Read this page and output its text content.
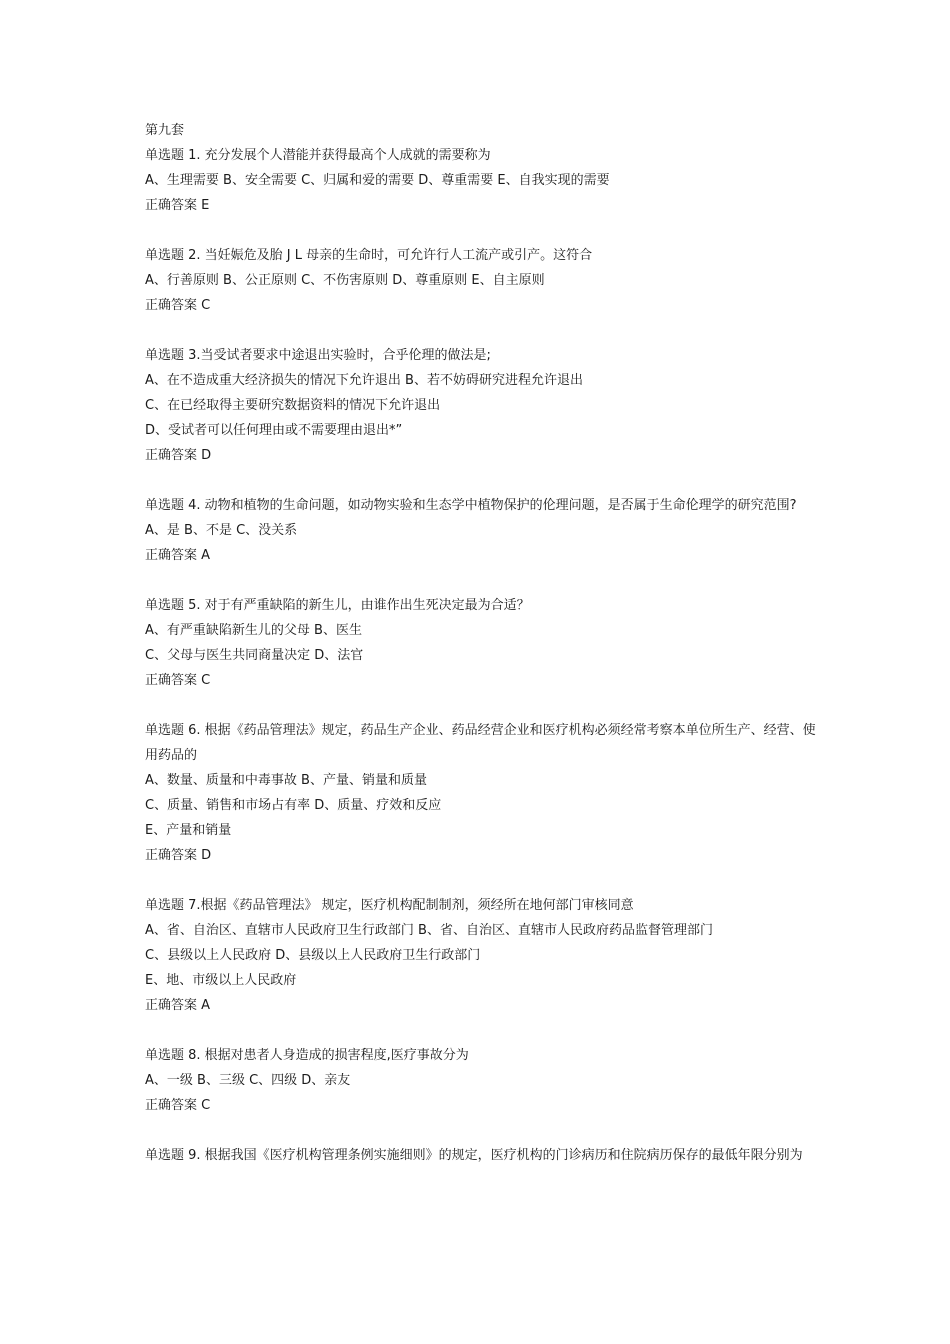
第九套

单选题 1. 充分发展个人潜能并获得最高个人成就的需要称为

A、生理需要 B、安全需要 C、归属和爱的需要 D、尊重需要 E、自我实现的需要

正确答案 E

单选题 2. 当妊娠危及胎 J L 母亲的生命时，可允许行人工流产或引产。这符合

A、行善原则 B、公正原则 C、不伤害原则 D、尊重原则 E、自主原则

正确答案 C

单选题 3.当受试者要求中途退出实验时，合乎伦理的做法是;

A、在不造成重大经济损失的情况下允许退出 B、若不妨碍研究进程允许退出

C、在已经取得主要研究数据资料的情况下允许退出

D、受试者可以任何理由或不需要理由退出*”

正确答案 D

单选题 4. 动物和植物的生命问题，如动物实验和生态学中植物保护的伦理问题，是否属于生命伦理学的研究范围?

A、是 B、不是 C、没关系

正确答案 A

单选题 5. 对于有严重缺陷的新生儿，由谁作出生死决定最为合适？

A、有严重缺陷新生儿的父母 B、医生

C、父母与医生共同商量决定 D、法官

正确答案 C

单选题 6. 根据《药品管理法》规定，药品生产企业、药品经营企业和医疗机构必须经常考察本单位所生产、经营、使用药品的

A、数量、质量和中毒事故 B、产量、销量和质量

C、质量、销售和市场占有率 D、质量、疗效和反应

E、产量和销量

正确答案 D

单选题 7.根据《药品管理法》 规定，医疗机构配制制剂，须经所在地何部门审核同意

A、省、自治区、直辖市人民政府卫生行政部门 B、省、自治区、直辖市人民政府药品监督管理部门

C、县级以上人民政府 D、县级以上人民政府卫生行政部门

E、地、市级以上人民政府

正确答案 A

单选题 8. 根据对患者人身造成的损害程度,医疗事故分为

A、一级 B、三级 C、四级 D、亲友

正确答案 C

单选题 9. 根据我国《医疗机构管理条例实施细则》的规定，医疗机构的门诊病历和住院病历保存的最低年限分别为
